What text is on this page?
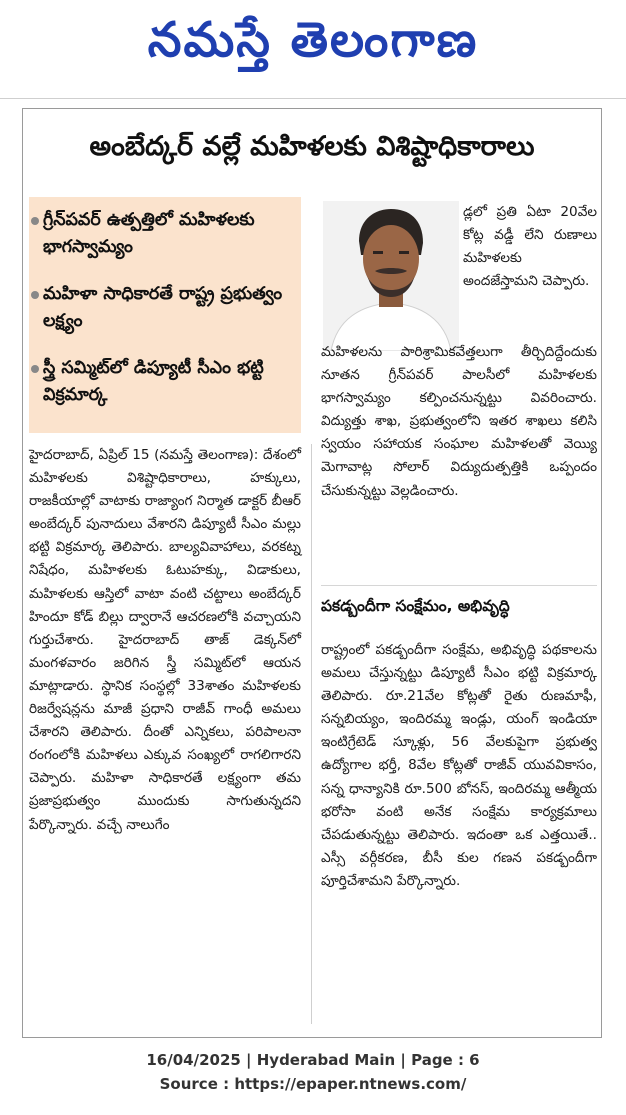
నమస్తే తెలంగాణ
అంబేద్కర్ వల్లే మహిళలకు విశిష్టాధికారాలు
గ్రీన్‌పవర్ ఉత్పత్తిలో మహిళలకు భాగస్వామ్యం
మహిళా సాధికారతే రాష్ట్ర ప్రభుత్వం లక్ష్యం
స్త్రీ సమ్మిట్‌లో డిప్యూటీ సీఎం భట్టి విక్రమార్క
డ్లలో ప్రతి ఏటా 20వేల కోట్ల వడ్డీ లేని రుణాలు మహిళలకు అందజేస్తామని చెప్పారు.
మహిళలను పారిశ్రామికవేత్తలుగా తీర్చిదిద్దేందుకు నూతన గ్రీన్‌పవర్ పాలసీలో మహిళలకు భాగస్వామ్యం కల్పించనున్నట్టు వివరించారు. విద్యుత్తు శాఖ, ప్రభుత్వంలోని ఇతర శాఖలు కలిసి స్వయం సహాయక సంఘాల మహిళలతో వెయ్యి మెగావాట్ల సోలార్ విద్యుదుత్పత్తికి ఒప్పందం చేసుకున్నట్టు వెల్లడించారు.
పకడ్బందీగా సంక్షేమం, అభివృద్ధి
రాష్ట్రంలో పకడ్బందీగా సంక్షేమ, అభివృద్ధి పథకాలను అమలు చేస్తున్నట్టు డిప్యూటీ సీఎం భట్టి విక్రమార్క తెలిపారు. రూ.21వేల కోట్లతో రైతు రుణమాఫీ, సన్నబియ్యం, ఇందిరమ్మ ఇండ్లు, యంగ్ ఇండియా ఇంటిగ్రేటెడ్ స్కూళ్లు, 56 వేలకుపైగా ప్రభుత్వ ఉద్యోగాల భర్తీ, 8వేల కోట్లతో రాజీవ్ యువవికాసం, సన్న ధాన్యానికి రూ.500 బోనస్, ఇందిరమ్మ ఆత్మీయ భరోసా వంటి అనేక సంక్షేమ కార్యక్రమాలు చేపడుతున్నట్టు తెలిపారు. ఇదంతా ఒక ఎత్తయితే.. ఎస్సీ వర్గీకరణ, బీసీ కుల గణన పకడ్బందీగా పూర్తిచేశామని పేర్కొన్నారు.
హైదరాబాద్, ఏప్రిల్ 15 (నమస్తే తెలంగాణ): దేశంలో మహిళలకు విశిష్టాధికారాలు, హక్కులు, రాజకీయాల్లో వాటాకు రాజ్యాంగ నిర్మాత డాక్టర్ బీఆర్ అంబేద్కర్ పునాదులు వేశారని డిప్యూటీ సీఎం మల్లు భట్టి విక్రమార్క తెలిపారు. బాల్యవివాహాలు, వరకట్న నిషేధం, మహిళలకు ఓటుహక్కు, విడాకులు, మహిళలకు ఆస్తిలో వాటా వంటి చట్టాలు అంబేద్కర్ హిందూ కోడ్ బిల్లు ద్వారానే ఆచరణలోకి వచ్చాయని గుర్తుచేశారు. హైదరాబాద్ తాజ్ డెక్కన్‌లో మంగళవారం జరిగిన స్త్రీ సమ్మిట్‌లో ఆయన మాట్లాడారు. స్థానిక సంస్థల్లో 33శాతం మహిళలకు రిజర్వేషన్లను మాజీ ప్రధాని రాజీవ్ గాంధీ అమలు చేశారని తెలిపారు. దీంతో ఎన్నికలు, పరిపాలనా రంగంలోకి మహిళలు ఎక్కువ సంఖ్యలో రాగలిగారని చెప్పారు. మహిళా సాధికారతే లక్ష్యంగా తమ ప్రజాప్రభుత్వం ముందుకు సాగుతున్నదని పేర్కొన్నారు. వచ్చే నాలుగేం
16/04/2025 | Hyderabad Main | Page : 6
Source : https://epaper.ntnews.com/
